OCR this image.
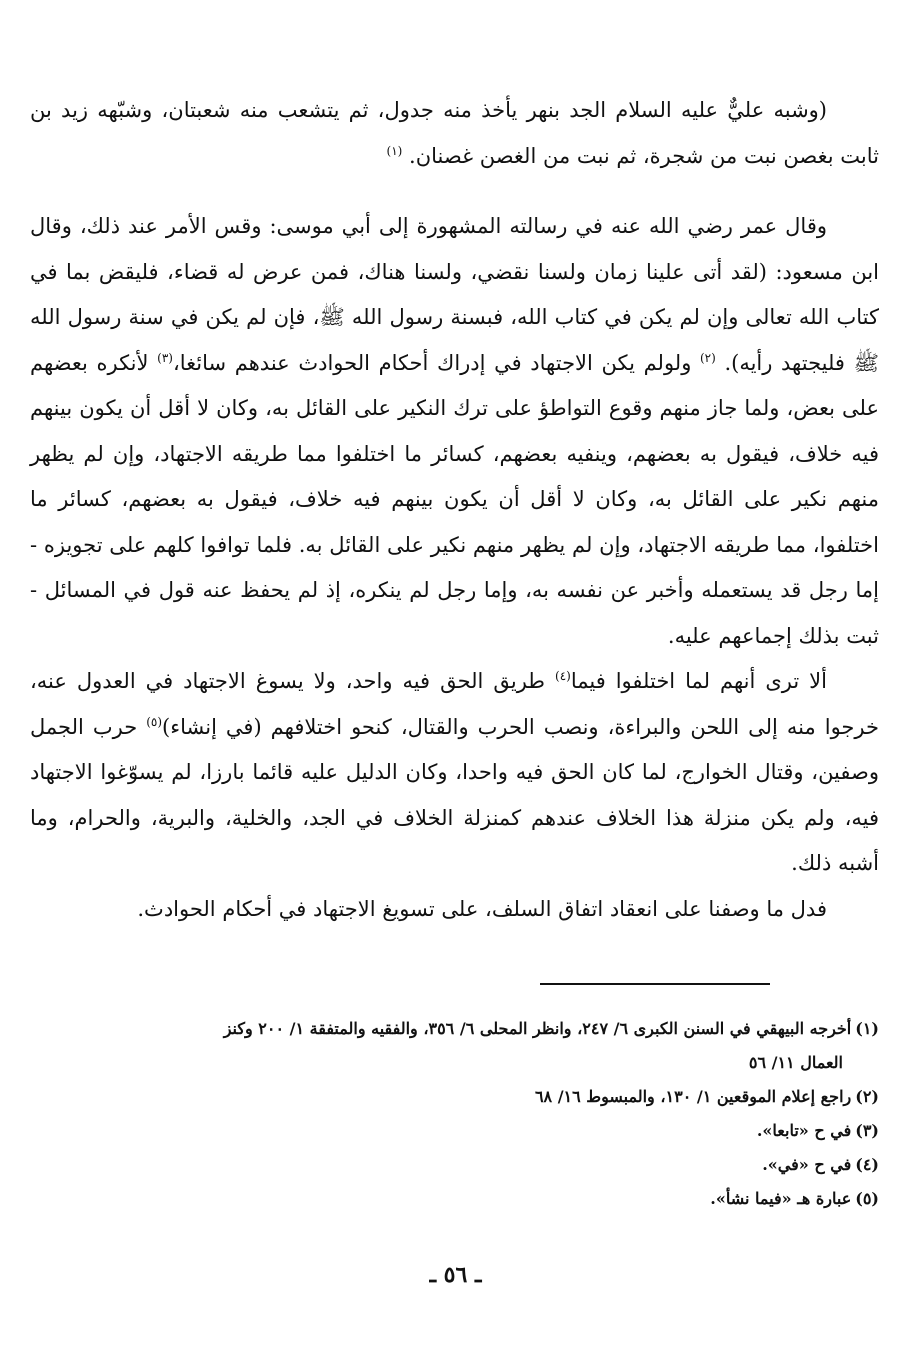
(وشبه عليٌّ عليه السلام الجد بنهر يأخذ منه جدول، ثم يتشعب منه شعبتان، وشبّهه زيد بن ثابت بغصن نبت من شجرة، ثم نبت من الغصن غصنان. $^{(١)}$

وقال عمر رضي الله عنه في رسالته المشهورة إلى أبي موسى: وقس الأمر عند ذلك، وقال ابن مسعود: (لقد أتى علينا زمان ولسنا نقضي، ولسنا هناك، فمن عرض له قضاء، فليقض بما في كتاب الله تعالى وإن لم يكن في كتاب الله، فبسنة رسول الله ﷺ، فإن لم يكن في سنة رسول الله ﷺ فليجتهد رأيه). $^{(٢)}$ ولولم يكن الاجتهاد في إدراك أحكام الحوادث عندهم سائغا،$^{(٣)}$ لأنكره بعضهم على بعض، ولما جاز منهم وقوع التواطؤ على ترك النكير على القائل به، وكان لا أقل أن يكون بينهم فيه خلاف، فيقول به بعضهم، وينفيه بعضهم، كسائر ما اختلفوا مما طريقه الاجتهاد، وإن لم يظهر منهم نكير على القائل به، وكان لا أقل أن يكون بينهم فيه خلاف، فيقول به بعضهم، كسائر ما اختلفوا، مما طريقه الاجتهاد، وإن لم يظهر منهم نكير على القائل به. فلما توافوا كلهم على تجويزه - إما رجل قد يستعمله وأخبر عن نفسه به، وإما رجل لم ينكره، إذ لم يحفظ عنه قول في المسائل - ثبت بذلك إجماعهم عليه.

ألا ترى أنهم لما اختلفوا فيما$^{(٤)}$ طريق الحق فيه واحد، ولا يسوغ الاجتهاد في العدول عنه، خرجوا منه إلى اللحن والبراءة، ونصب الحرب والقتال، كنحو اختلافهم (في إنشاء)$^{(٥)}$ حرب الجمل وصفين، وقتال الخوارج، لما كان الحق فيه واحدا، وكان الدليل عليه قائما بارزا، لم يسوّغوا الاجتهاد فيه، ولم يكن منزلة هذا الخلاف عندهم كمنزلة الخلاف في الجد، والخلية، والبرية، والحرام، وما أشبه ذلك.

فدل ما وصفنا على انعقاد اتفاق السلف، على تسويغ الاجتهاد في أحكام الحوادث.

(١)أخرجه البيهقي في السنن الكبرى ٦/ ٢٤٧، وانظر المحلى ٦/ ٣٥٦، والفقيه والمتفقة ١/ ٢٠٠ وكنز

العمال ١١/ ٥٦

(٢)راجع إعلام الموقعين ١/ ١٣٠، والمبسوط ١٦/ ٦٨

(٣)في ح «تابعا».

(٤)في ح «في».

(٥)عبارة هـ «فيما نشأ».

ـ ٥٦ ـ
